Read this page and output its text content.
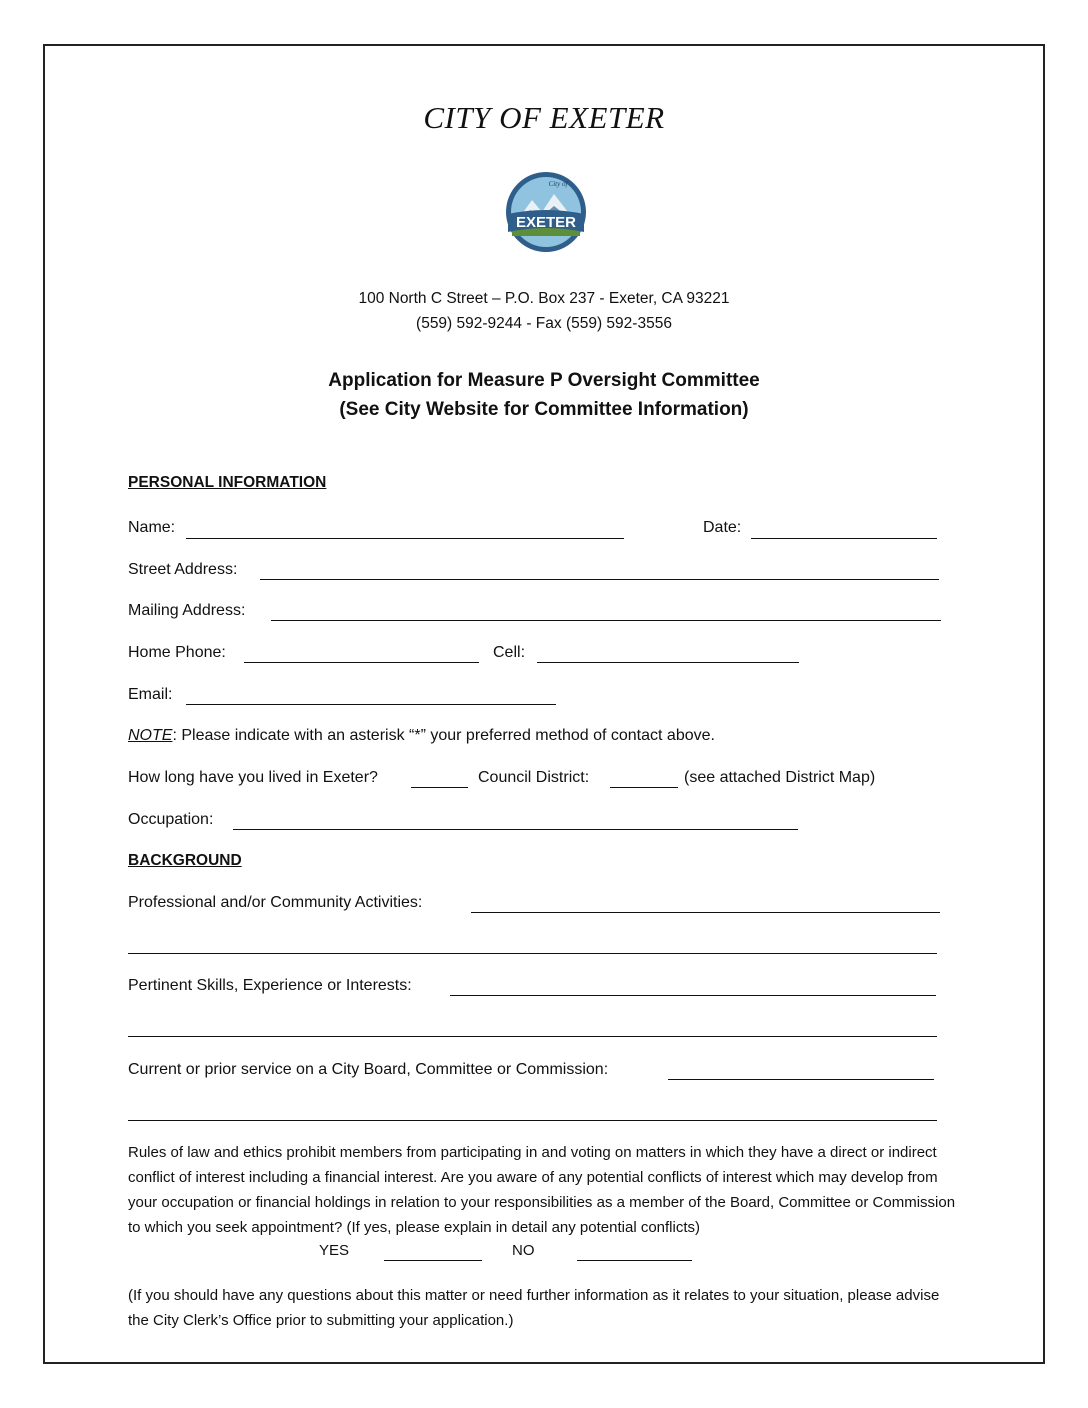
CITY OF EXETER
EXETER
City of
100 North C Street – P.O. Box 237 - Exeter, CA 93221
(559) 592-9244 - Fax (559) 592-3556
Application for Measure P Oversight Committee
(See City Website for Committee Information)
PERSONAL INFORMATION
Name:	Date:
Street Address:
Mailing Address:
Home Phone:	Cell:
Email:
NOTE: Please indicate with an asterisk “*” your preferred method of contact above.
How long have you lived in Exeter?	Council District:	(see attached District Map)
Occupation:
BACKGROUND
Professional and/or Community Activities:
Pertinent Skills, Experience or Interests:
Current or prior service on a City Board, Committee or Commission:
Rules of law and ethics prohibit members from participating in and voting on matters in which they have a direct or indirect conflict of interest including a financial interest. Are you aware of any potential conflicts of interest which may develop from your occupation or financial holdings in relation to your responsibilities as a member of the Board, Committee or Commission to which you seek appointment? (If yes, please explain in detail any potential conflicts)
YES	NO
(If you should have any questions about this matter or need further information as it relates to your situation, please advise the City Clerk’s Office prior to submitting your application.)
